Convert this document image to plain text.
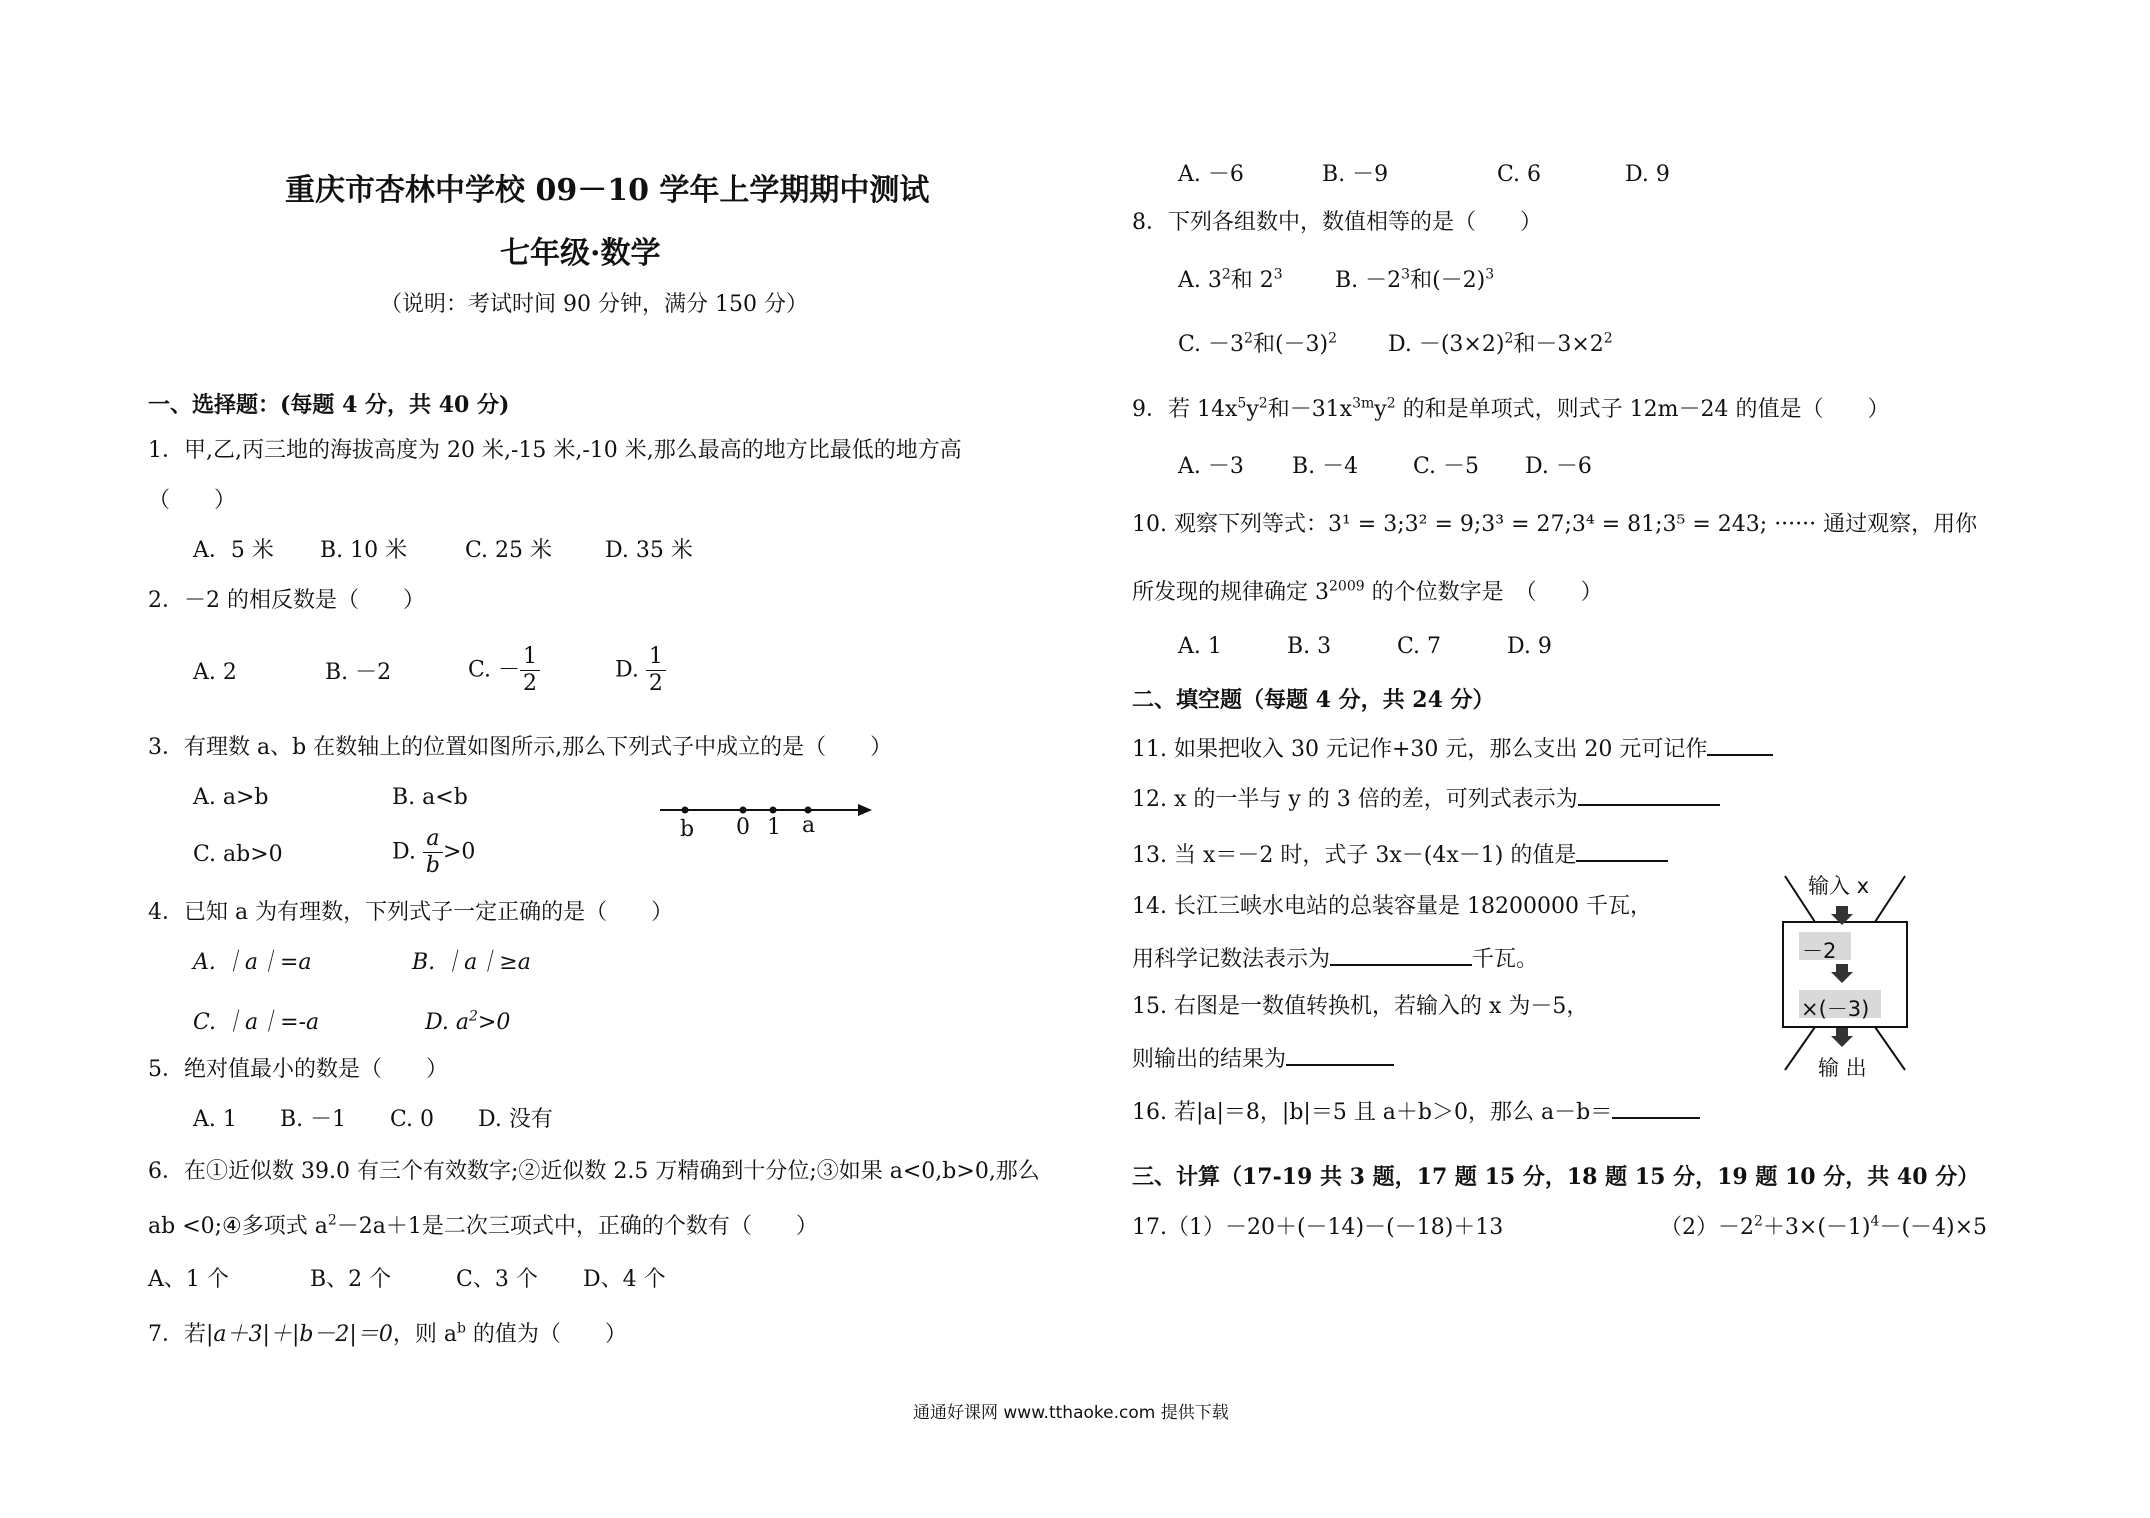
重庆市杏林中学校 09－10 学年上学期期中测试
七年级·数学
（说明：考试时间 90 分钟，满分 150 分）
一、选择题：(每题 4 分，共 40 分)
1．甲,乙,丙三地的海拔高度为 20 米,-15 米,-10 米,那么最高的地方比最低的地方高
（　　）
A．5 米 B. 10 米	C. 25 米 D. 35 米
2．－2 的相反数是（　　）
A. 2	B. －2	C. － $\frac{1}{2}$	D. $\frac{1}{2}$
3．有理数 a、b 在数轴上的位置如图所示,那么下列式子中成立的是（　　）
A. a>b	B. a<b
C. ab>0	D. $\frac{a}{b} >0$
b 0 1 a
4．已知 a 为有理数，下列式子一定正确的是（　　）
A. ｜a｜=a	B. ｜a｜≥a
C. ｜a｜=-a	D. $a^2>0$
5．绝对值最小的数是（　　）
A. 1 B. －1 C. 0 D. 没有
6．在①近似数 39.0 有三个有效数字;②近似数 2.5 万精确到十分位;③如果 a<0,b>0,那么
ab <0;④多项式 $a^2-2a+1$是二次三项式中，正确的个数有（　　）
A、1 个	B、2 个	C、3 个 D、4 个
7．若|a＋3|＋|b－2|＝0，则 $a^b$ 的值为（　　）
A. －6	B. －9	C. 6	D. 9
8．下列各组数中，数值相等的是（　　）
A. $3^2$和 $2^3$ B. $-2^3$和$(-2)^3$
C. $-3^2$和$(-3)^2$ D. $-(3\times 2)^2$和$-3\times 2^2$
9．若 $14x^5y^2$和$-31x^{3m}y^2$ 的和是单项式，则式子 12m－24 的值是（　　）
A. －3 B. －4 C. －5 D. －6
10. 观察下列等式：3¹ = 3;3² = 9;3³ = 27;3⁴ = 81;3⁵ = 243; ······ 通过观察，用你
所发现的规律确定 $3^{2009}$ 的个位数字是　（　　）
A. 1	B. 3	C. 7	D. 9
二、填空题（每题 4 分，共 24 分）
11. 如果把收入 30 元记作+30 元，那么支出 20 元可记作
12. x 的一半与 y 的 3 倍的差，可列式表示为
13. 当 x＝－2 时，式子 3x－(4x－1) 的值是
14. 长江三峡水电站的总装容量是 18200000 千瓦，
用科学记数法表示为	千瓦。
15. 右图是一数值转换机，若输入的 x 为－5，
则输出的结果为
16. 若|a|＝8，|b|＝5 且 a＋b＞0，那么 a－b＝
输入 x
－2
×(－3)
输 出
三、计算（17-19 共 3 题，17 题 15 分，18 题 15 分，19 题 10 分，共 40 分）
17.（1）－20＋(－14)－(－18)＋13	$(2)-2^2+3\times(-1)^4-(-4)\times 5$
通通好课网 www.tthaoke.com 提供下载
